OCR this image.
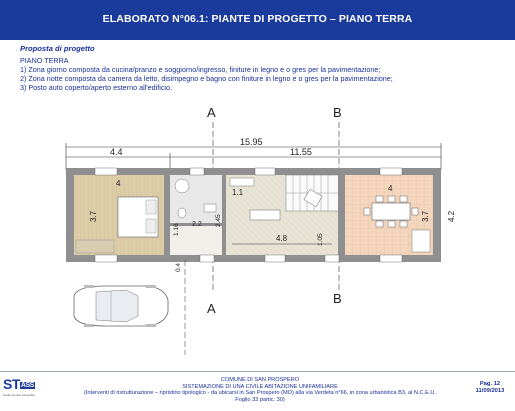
ELABORATO N°06.1: PIANTE DI PROGETTO – PIANO TERRA
Proposta di progetto
PIANO TERRA
1) Zona giorno composta da cucina/pranzo e soggiorno/ingresso, finiture in legno e o gres per la pavimentazione;
2) Zona notte composta da camera da letto, disimpegno e bagno con finiture in legno e o gres per la pavimentazione;
3) Posto auto coperto/aperto esterno all'edificio.
A	B
15.95
4.4	11.55
4
3.7
4
3.7 4.2
1.1
2.2
1.16
2.45
4.8	1.05
0.4
A
B
STASS
studio tecnico associato
COMUNE DI SAN PROSPERO
SISTEMAZIONE DI UNA CIVILE ABITAZIONE UNIFAMILIARE
(Interventi di ristrutturazione – ripristino tipologico - da ubicarsi in San Prospero (MO) alla via Verdeta n°66, in zona urbanistica B3, al N.C.E.U. Foglio 33 partic. 30)
Pag. 12
11/09/2013
